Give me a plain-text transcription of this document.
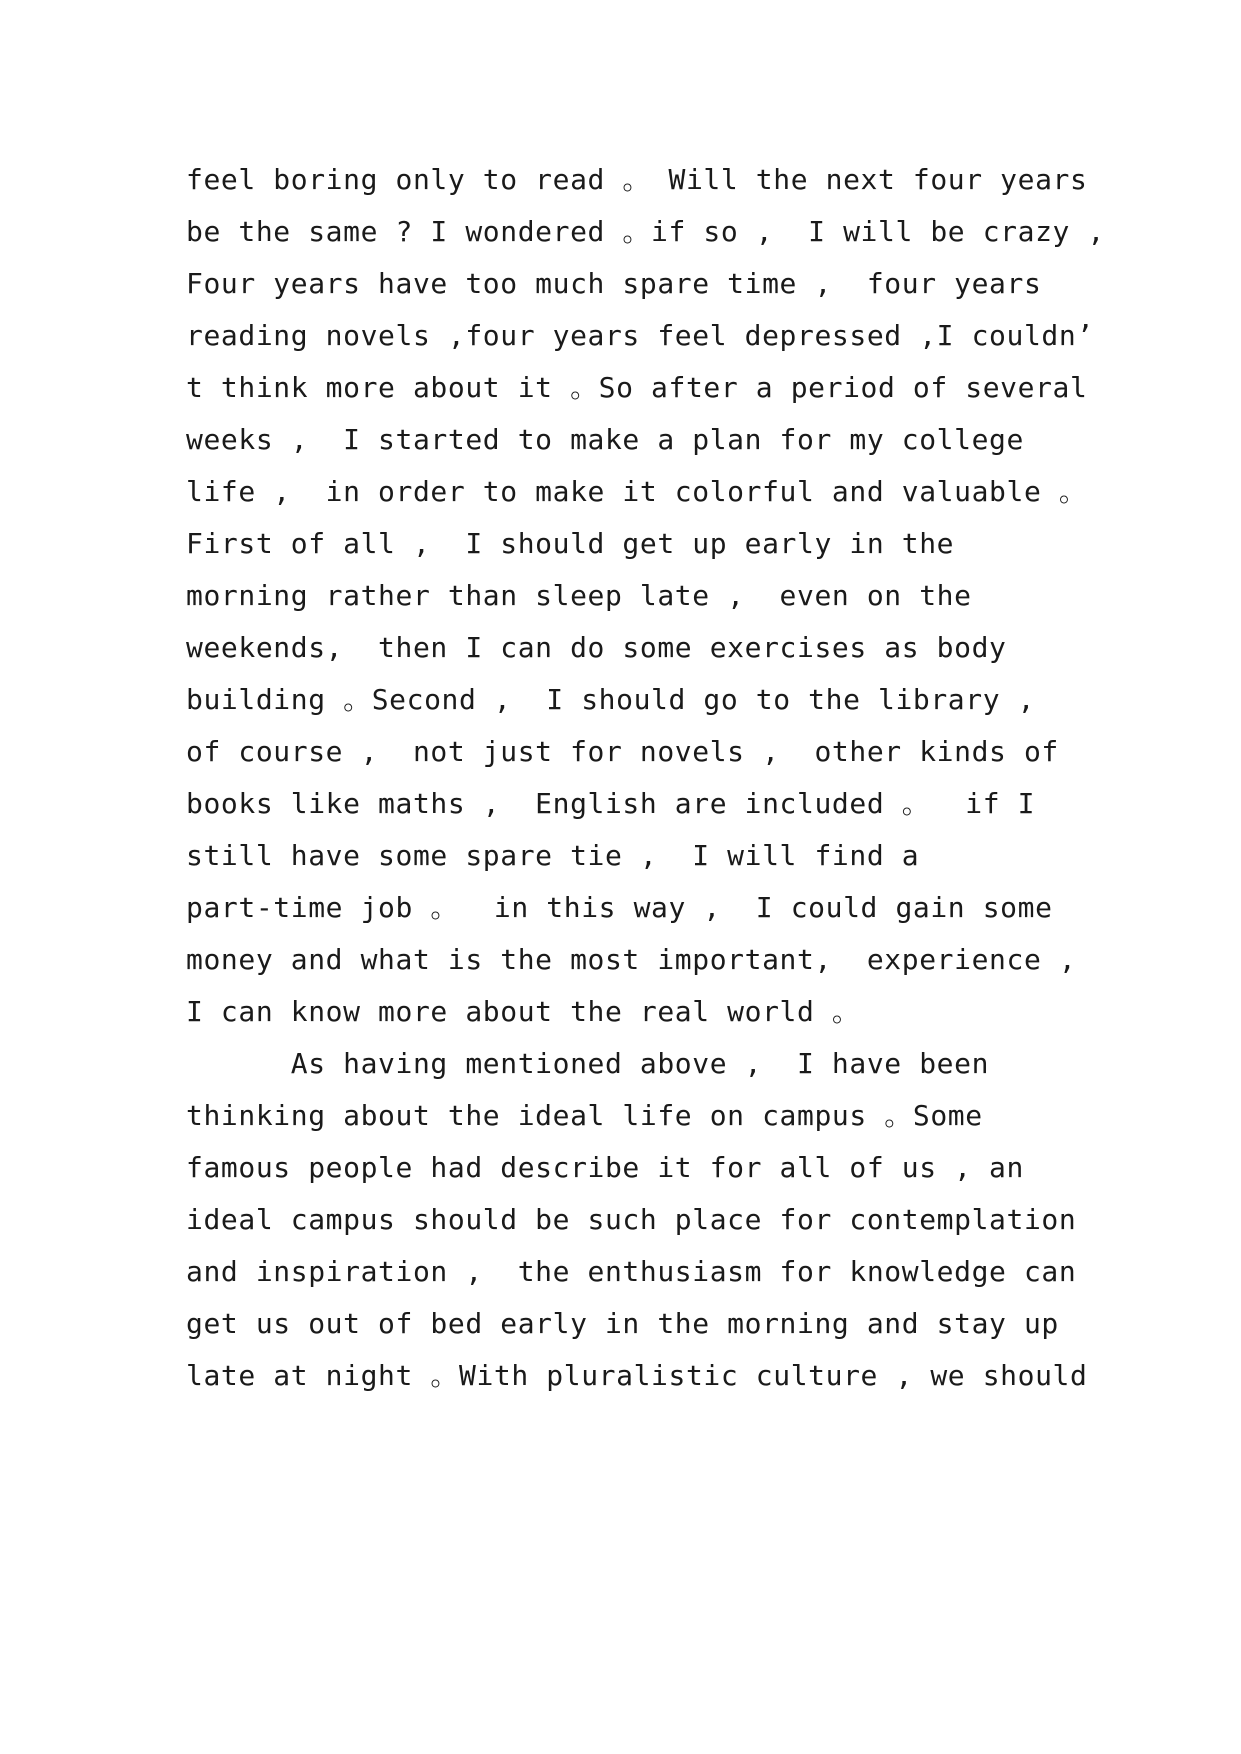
feel boring only to read 。 Will the next four years
be the same ? I wondered 。if so ,  I will be crazy ,
Four years have too much spare time ,  four years
reading novels ,four years feel depressed ,I couldn’
t think more about it 。So after a period of several
weeks ,  I started to make a plan for my college
life ,  in order to make it colorful and valuable 。
First of all ,  I should get up early in the
morning rather than sleep late ,  even on the
weekends,  then I can do some exercises as body
building 。Second ,  I should go to the library ,
of course ,  not just for novels ,  other kinds of
books like maths ,  English are included 。  if I
still have some spare tie ,  I will find a
part-time job 。  in this way ,  I could gain some
money and what is the most important,  experience ,
I can know more about the real world 。
As having mentioned above ,  I have been
thinking about the ideal life on campus 。Some
famous people had describe it for all of us , an
ideal campus should be such place for contemplation
and inspiration ,  the enthusiasm for knowledge can
get us out of bed early in the morning and stay up
late at night 。With pluralistic culture , we should
